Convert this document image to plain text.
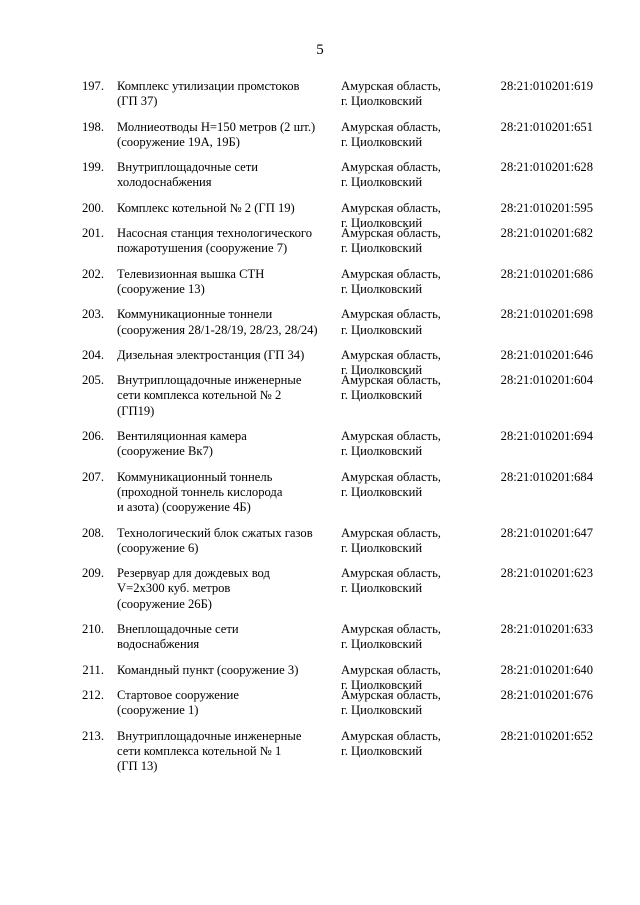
5
197. Комплекс утилизации промстоков
(ГП 37)
Амурская область,
г. Циолковский
28:21:010201:619
198. Молниеотводы H=150 метров (2 шт.)
(сооружение 19А, 19Б)
Амурская область,
г. Циолковский
28:21:010201:651
199. Внутриплощадочные сети
холодоснабжения
Амурская область,
г. Циолковский
28:21:010201:628
200. Комплекс котельной № 2 (ГП 19)	Амурская область,
г. Циолковский
28:21:010201:595
201. Насосная станция технологического
пожаротушения (сооружение 7)
Амурская область,
г. Циолковский
28:21:010201:682
202. Телевизионная вышка СТН
(сооружение 13)
Амурская область,
г. Циолковский
28:21:010201:686
203. Коммуникационные тоннели
(сооружения 28/1-28/19, 28/23, 28/24)
Амурская область,
г. Циолковский
28:21:010201:698
204. Дизельная электростанция (ГП 34)	Амурская область,
г. Циолковский
28:21:010201:646
205. Внутриплощадочные инженерные
сети комплекса котельной № 2
(ГП19)
Амурская область,
г. Циолковский
28:21:010201:604
206. Вентиляционная камера
(сооружение Вк7)
Амурская область,
г. Циолковский
28:21:010201:694
207. Коммуникационный тоннель
(проходной тоннель кислорода
и азота) (сооружение 4Б)
Амурская область,
г. Циолковский
28:21:010201:684
208. Технологический блок сжатых газов
(сооружение 6)
Амурская область,
г. Циолковский
28:21:010201:647
209. Резервуар для дождевых вод
V=2x300 куб. метров
(сооружение 26Б)
Амурская область,
г. Циолковский
28:21:010201:623
210. Внеплощадочные сети
водоснабжения
Амурская область,
г. Циолковский
28:21:010201:633
211. Командный пункт (сооружение 3)	Амурская область,
г. Циолковский
28:21:010201:640
212. Стартовое сооружение
(сооружение 1)
Амурская область,
г. Циолковский
28:21:010201:676
213. Внутриплощадочные инженерные
сети комплекса котельной № 1
(ГП 13)
Амурская область,
г. Циолковский
28:21:010201:652
